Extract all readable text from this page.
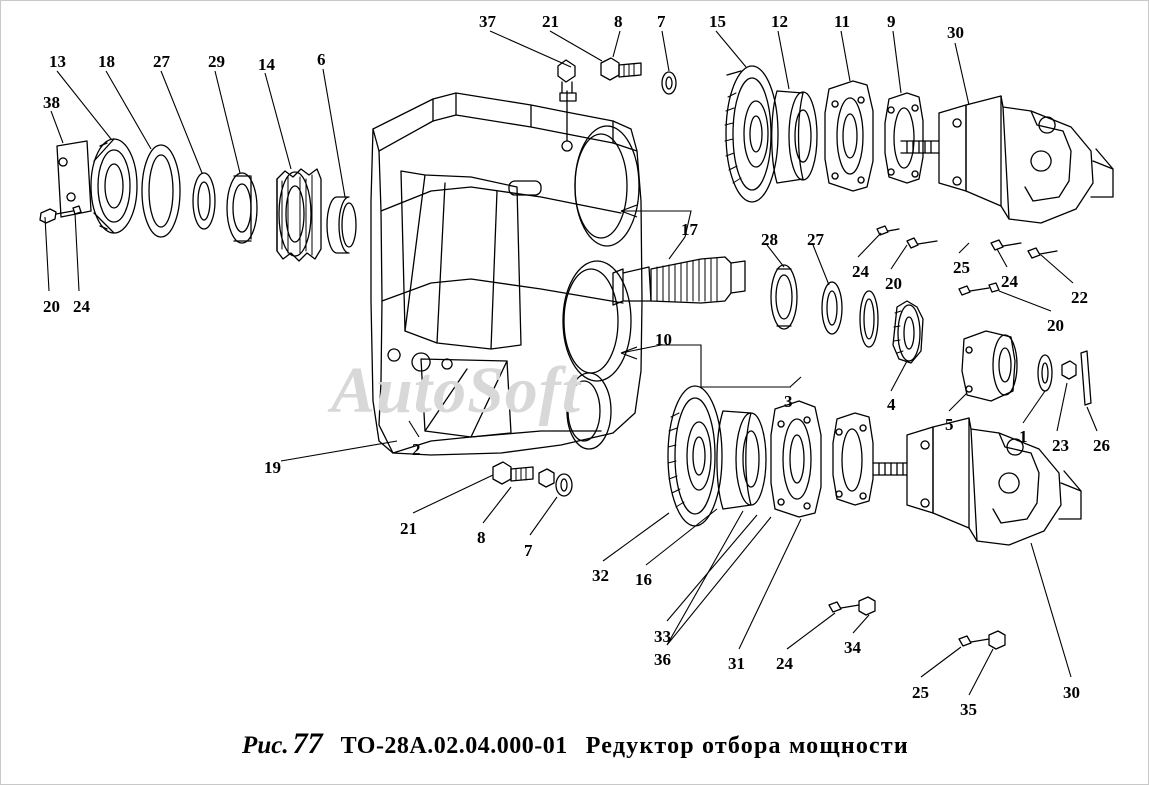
AutoSoft
37	21	8 7	15	12	11 9
30
13 18 27 29 14 6
38
20 24
17
28 27
24
20
25
24
22
20
10
3	4
5
1 23 26
19
2
21	8
7
32 16
33
36	31 24
34
25
35
30
Рис. 77 ТО-28А.02.04.000-01 Редуктор отбора мощности
